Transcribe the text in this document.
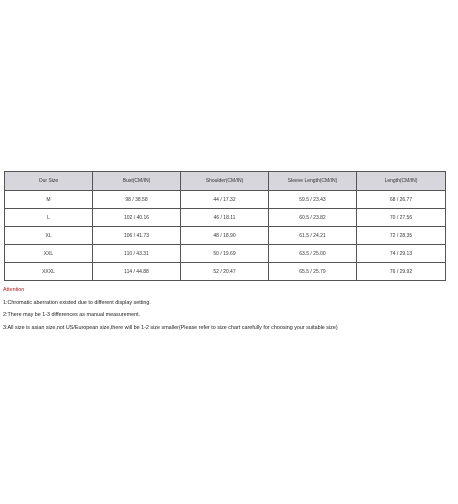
Our Size	Bust(CM/IN)	Shoulder(CM/IN)	Sleeve Length(CM/IN)	Length(CM/IN)
M	98 / 38.58	44 / 17.32	59.5 / 23.43	68 / 26.77
L	102 / 40.16	46 / 18.11	60.5 / 23.82	70 / 27.56
XL	106 / 41.73	48 / 18.90	61.5 / 24.21	72 / 28.35
XXL	110 / 43.31	50 / 19.69	63.5 / 25.00	74 / 29.13
XXXL	114 / 44.88	52 / 20.47	65.5 / 25.79	76 / 29.92
Attention
1:Chromatic aberration existed due to different display setting.
2:There may be 1-3 differences as manual measurement.
3:All size is asian size,not US/European size,there will be 1-2 size smaller(Please refer to size chart carefully for choosing your suitable size)
